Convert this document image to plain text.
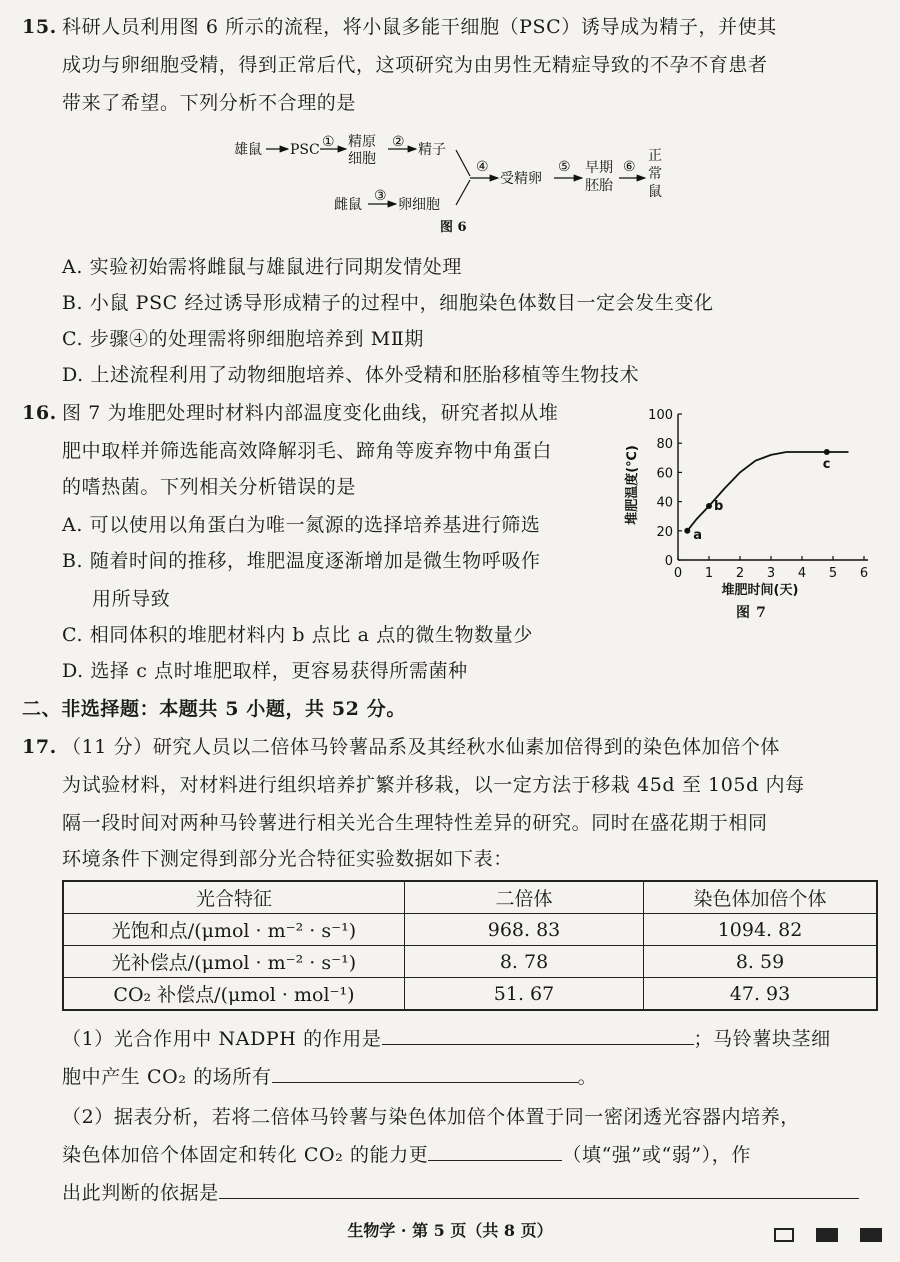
15. 科研人员利用图 6 所示的流程，将小鼠多能干细胞（PSC）诱导成为精子，并使其
成功与卵细胞受精，得到正常后代，这项研究为由男性无精症导致的不孕不育患者
带来了希望。下列分析不合理的是
雄鼠 PSC ① 精原
细胞
② 精子
雌鼠
③
卵细胞
④
受精卵
⑤ 早期
胚胎
⑥
正
常
鼠
图 6
A. 实验初始需将雌鼠与雄鼠进行同期发情处理
B. 小鼠 PSC 经过诱导形成精子的过程中，细胞染色体数目一定会发生变化
C. 步骤④的处理需将卵细胞培养到 MⅡ期
D. 上述流程利用了动物细胞培养、体外受精和胚胎移植等生物技术
16. 图 7 为堆肥处理时材料内部温度变化曲线，研究者拟从堆
肥中取样并筛选能高效降解羽毛、蹄角等废弃物中角蛋白
的嗜热菌。下列相关分析错误的是
A. 可以使用以角蛋白为唯一氮源的选择培养基进行筛选
B. 随着时间的推移，堆肥温度逐渐增加是微生物呼吸作
用所导致
C. 相同体积的堆肥材料内 b 点比 a 点的微生物数量少
D. 选择 c 点时堆肥取样，更容易获得所需菌种
0 1 2 3 4 5 6
0
20
40
60
80
100
a
b
c
堆肥时间(天)
堆肥温度(℃)
图 7
二、非选择题：本题共 5 小题，共 52 分。
17. （11 分）研究人员以二倍体马铃薯品系及其经秋水仙素加倍得到的染色体加倍个体
为试验材料，对材料进行组织培养扩繁并移栽，以一定方法于移栽 45d 至 105d 内每
隔一段时间对两种马铃薯进行相关光合生理特性差异的研究。同时在盛花期于相同
环境条件下测定得到部分光合特征实验数据如下表：
光合特征	二倍体	染色体加倍个体
光饱和点/(μmol · m⁻² · s⁻¹)	968. 83	1094. 82
光补偿点/(μmol · m⁻² · s⁻¹)	8. 78	8. 59
CO₂ 补偿点/(μmol · mol⁻¹)	51. 67	47. 93
（1）光合作用中 NADPH 的作用是	；马铃薯块茎细
胞中产生 CO₂ 的场所有	。
（2）据表分析，若将二倍体马铃薯与染色体加倍个体置于同一密闭透光容器内培养，
染色体加倍个体固定和转化 CO₂ 的能力更	（填“强”或“弱”），作
出此判断的依据是
生物学 · 第 5 页（共 8 页）
